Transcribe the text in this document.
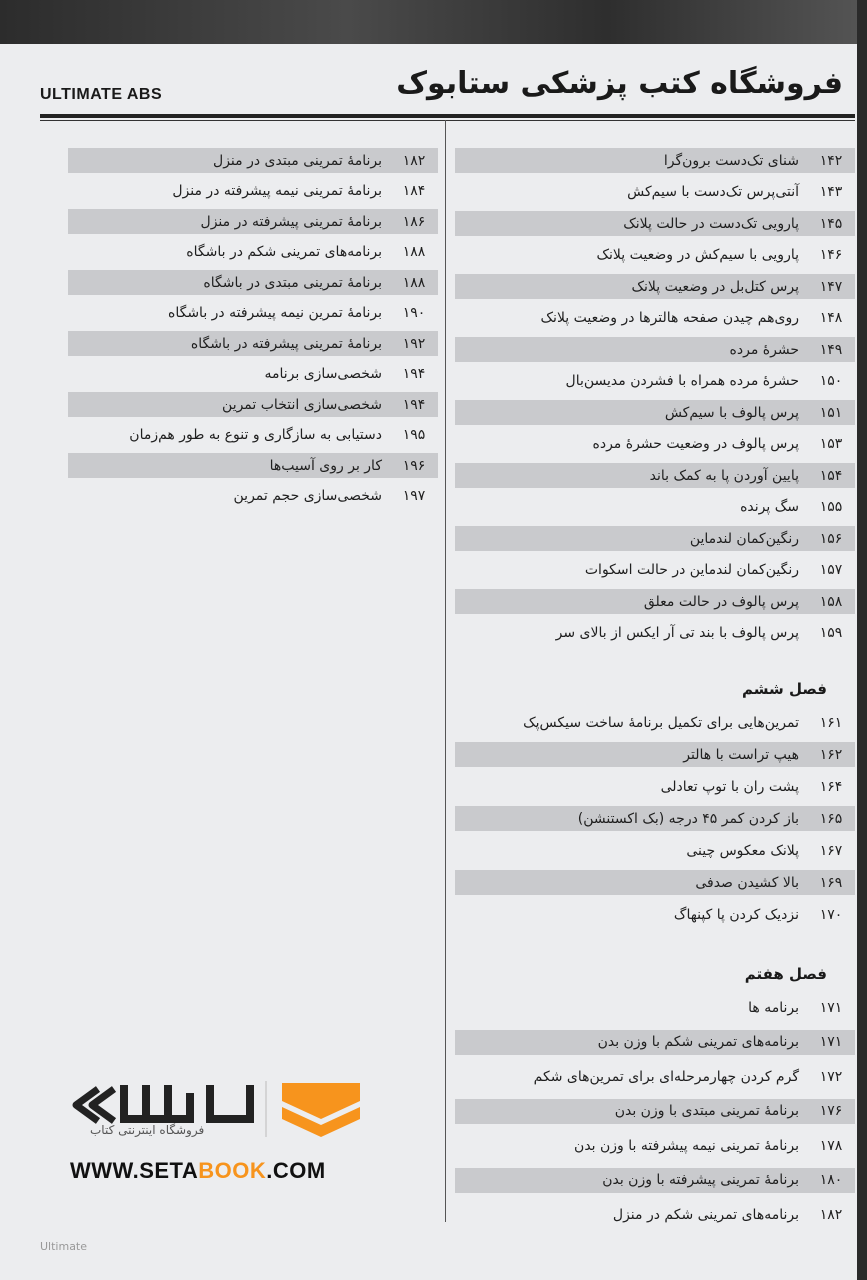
ULTIMATE ABS	فروشگاه کتب پزشکی ستابوک
۱۴۲
شنای تک‌دست برون‌گرا
۱۴۳
آنتی‌پرس تک‌دست با سیم‌کش
۱۴۵
پارویی تک‌دست در حالت پلانک
۱۴۶
پارویی با سیم‌کش در وضعیت پلانک
۱۴۷
پرس کتل‌بل در وضعیت پلانک
۱۴۸
روی‌هم چیدن صفحه هالترها در وضعیت پلانک
۱۴۹
حشرهٔ مرده
۱۵۰
حشرهٔ مرده همراه با فشردن مدیسن‌بال
۱۵۱
پرس پالوف با سیم‌کش
۱۵۳
پرس پالوف در وضعیت حشرهٔ مرده
۱۵۴
پایین آوردن پا به کمک باند
۱۵۵
سگ پرنده
۱۵۶
رنگین‌کمان لندماین
۱۵۷
رنگین‌کمان لندماین در حالت اسکوات
۱۵۸
پرس پالوف در حالت معلق
۱۵۹
پرس پالوف با بند تی آر ایکس از بالای سر
فصل ششم
۱۶۱
تمرین‌هایی برای تکمیل برنامهٔ ساخت سیکس‌پک
۱۶۲
هیپ تراست با هالتر
۱۶۴
پشت ران با توپ تعادلی
۱۶۵
باز کردن کمر ۴۵ درجه (بک اکستنشن)
۱۶۷
پلانک معکوس چینی
۱۶۹
بالا کشیدن صدفی
۱۷۰
نزدیک کردن پا کپنهاگ
فصل هفتم
۱۷۱
برنامه ها
۱۷۱
برنامه‌های تمرینی شکم با وزن بدن
۱۷۲
گرم کردن چهارمرحله‌ای برای تمرین‌های شکم
۱۷۶
برنامهٔ تمرینی مبتدی با وزن بدن
۱۷۸
برنامهٔ تمرینی نیمه پیشرفته با وزن بدن
۱۸۰
برنامهٔ تمرینی پیشرفته با وزن بدن
۱۸۲
برنامه‌های تمرینی شکم در منزل
۱۸۲
برنامهٔ تمرینی مبتدی در منزل
۱۸۴
برنامهٔ تمرینی نیمه پیشرفته در منزل
۱۸۶
برنامهٔ تمرینی پیشرفته در منزل
۱۸۸
برنامه‌های تمرینی شکم در باشگاه
۱۸۸
برنامهٔ تمرینی مبتدی در باشگاه
۱۹۰
برنامهٔ تمرین نیمه پیشرفته در باشگاه
۱۹۲
برنامهٔ تمرینی پیشرفته در باشگاه
۱۹۴
شخصی‌سازی برنامه
۱۹۴
شخصی‌سازی انتخاب تمرین
۱۹۵
دستیابی به سازگاری و تنوع به طور هم‌زمان
۱۹۶
کار بر روی آسیب‌ها
۱۹۷
شخصی‌سازی حجم تمرین
فروشگاه اینترنتی کتاب
WWW.SETABOOK.COM
Ultimate
